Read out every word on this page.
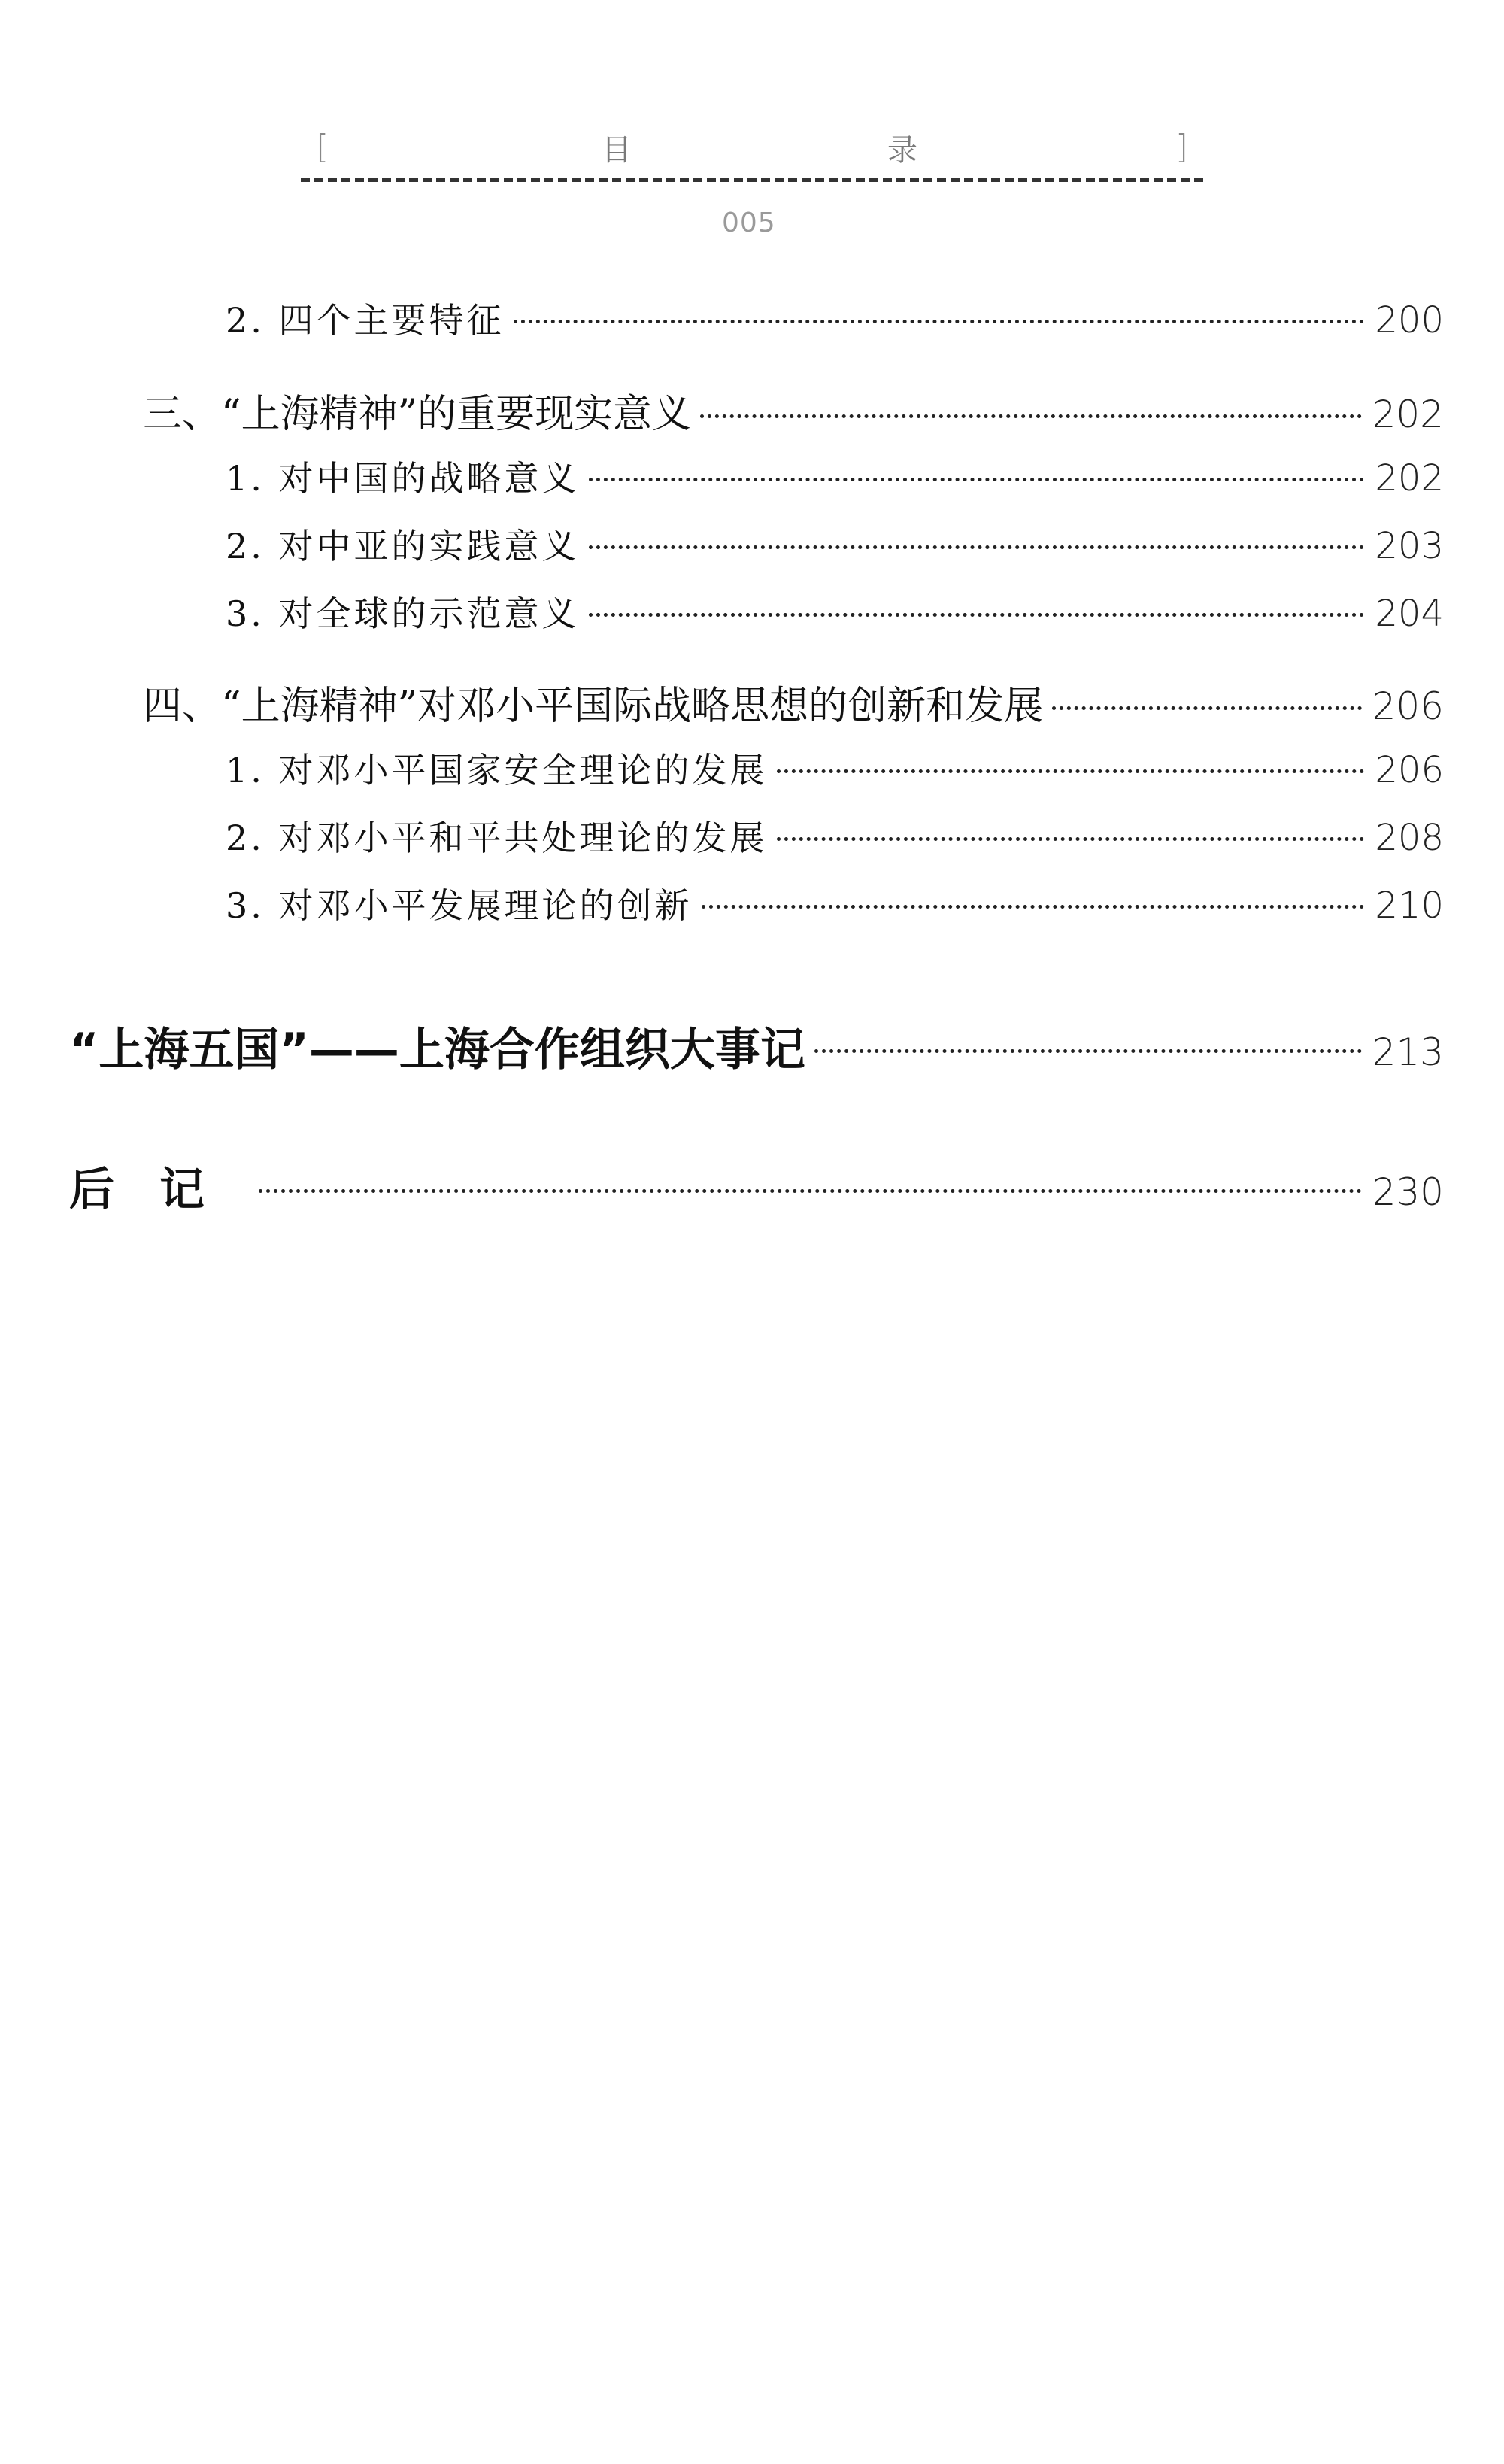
[	目	录	]
005
2. 四个主要特征	200
三、“上海精神”的重要现实意义	202
1. 对中国的战略意义	202
2. 对中亚的实践意义	203
3. 对全球的示范意义	204
四、“上海精神”对邓小平国际战略思想的创新和发展	206
1. 对邓小平国家安全理论的发展	206
2. 对邓小平和平共处理论的发展	208
3. 对邓小平发展理论的创新	210
“上海五国”——上海合作组织大事记	213
后记	230
